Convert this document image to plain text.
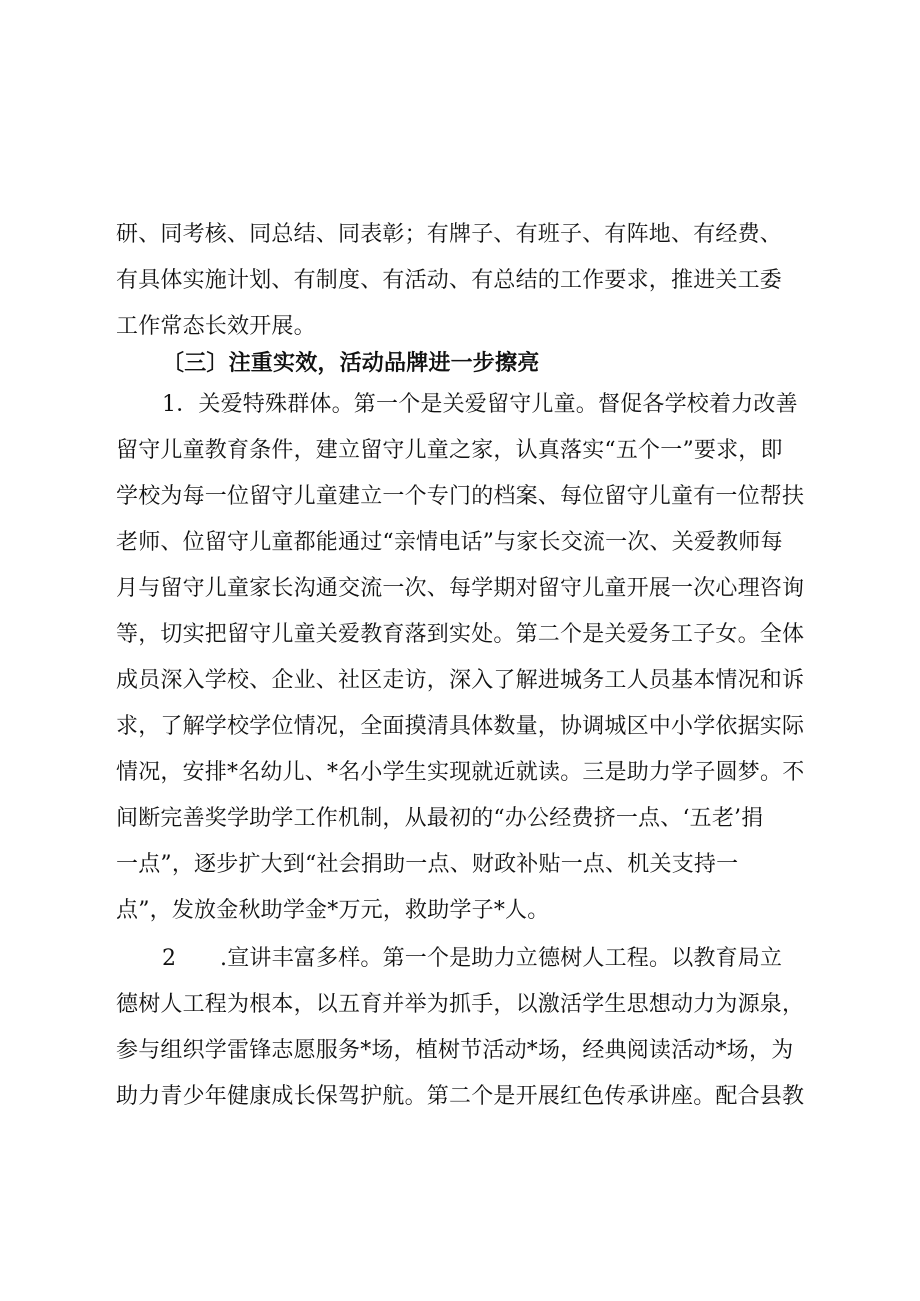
研、同考核、同总结、同表彰；有牌子、有班子、有阵地、有经费、
有具体实施计划、有制度、有活动、有总结的工作要求，推进关工委
工作常态长效开展。
〔三〕注重实效，活动品牌进一步擦亮
1．关爱特殊群体。第一个是关爱留守儿童。督促各学校着力改善
留守儿童教育条件，建立留守儿童之家，认真落实“五个一”要求，即
学校为每一位留守儿童建立一个专门的档案、每位留守儿童有一位帮扶
老师、位留守儿童都能通过“亲情电话”与家长交流一次、关爱教师每
月与留守儿童家长沟通交流一次、每学期对留守儿童开展一次心理咨询
等，切实把留守儿童关爱教育落到实处。第二个是关爱务工子女。全体
成员深入学校、企业、社区走访，深入了解进城务工人员基本情况和诉
求，了解学校学位情况，全面摸清具体数量，协调城区中小学依据实际
情况，安排*名幼儿、*名小学生实现就近就读。三是助力学子圆梦。不
间断完善奖学助学工作机制，从最初的“办公经费挤一点、‘五老’捐
一点”，逐步扩大到“社会捐助一点、财政补贴一点、机关支持一
点”，发放金秋助学金*万元，救助学子*人。
2 .宣讲丰富多样。第一个是助力立德树人工程。以教育局立
德树人工程为根本，以五育并举为抓手，以激活学生思想动力为源泉，
参与组织学雷锋志愿服务*场，植树节活动*场，经典阅读活动*场，为
助力青少年健康成长保驾护航。第二个是开展红色传承讲座。配合县教
